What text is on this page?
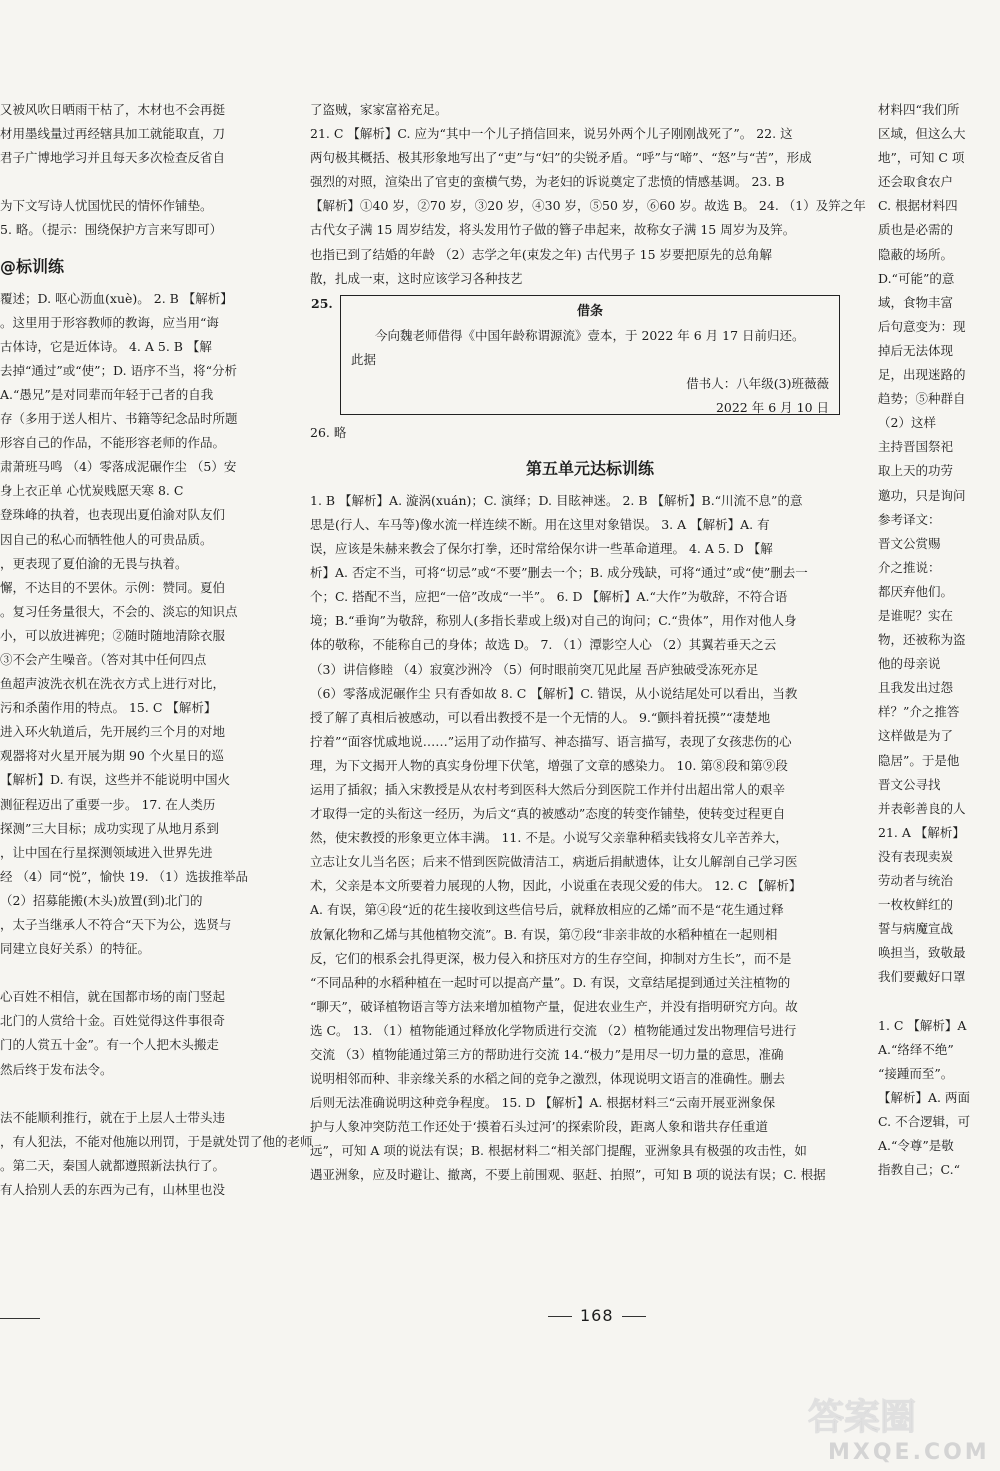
又被风吹日晒雨干枯了，木材也不会再挺

材用墨线量过再经辖具加工就能取直，刀

君子广博地学习并且每天多次检查反省自

为下文写诗人忧国忧民的情怀作铺垫。

5. 略。（提示：围绕保护方言来写即可）

@标训练

覆述；D. 呕心沥血(xuè)。 2. B 【解析】

。这里用于形容教师的教诲，应当用“诲

古体诗，它是近体诗。 4. A 5. B 【解

去掉“通过”或“使”；D. 语序不当，将“分析

A.“愚兄”是对同辈而年轻于己者的自我

存（多用于送人相片、书籍等纪念品时所题

形容自己的作品，不能形容老师的作品。

肃萧班马鸣 （4）零落成泥碾作尘 （5）安

身上衣正单 心忧炭贱愿天寒 8. C

登珠峰的执着，也表现出夏伯渝对队友们

因自己的私心而牺牲他人的可贵品质。

，更表现了夏伯渝的无畏与执着。

懈，不达目的不罢休。示例：赞同。夏伯

。复习任务量很大，不会的、淡忘的知识点

小，可以放进裤兜；②随时随地清除衣服

③不会产生噪音。（答对其中任何四点

鱼超声波洗衣机在洗衣方式上进行对比，

污和杀菌作用的特点。 15. C 【解析】

进入环火轨道后，先开展约三个月的对地

观器将对火星开展为期 90 个火星日的巡

【解析】D. 有误，这些并不能说明中国火

测征程迈出了重要一步。 17. 在人类历

探测”三大目标；成功实现了从地月系到

，让中国在行星探测领域进入世界先进

经 （4）同“悦”，愉快 19. （1）选拔推举品

（2）招募能搬(木头)放置(到)北门的

，太子当继承人不符合“天下为公，选贤与

同建立良好关系）的特征。

心百姓不相信，就在国都市场的南门竖起

北门的人赏给十金。百姓觉得这件事很奇

门的人赏五十金”。有一个人把木头搬走

然后终于发布法令。

法不能顺利推行，就在于上层人士带头违

，有人犯法，不能对他施以刑罚，于是就处罚了他的老师

。第二天，秦国人就都遵照新法执行了。

有人拾别人丢的东西为己有，山林里也没

了盗贼，家家富裕充足。

21. C 【解析】C. 应为“其中一个儿子捎信回来，说另外两个儿子刚刚战死了”。 22. 这

两句极其概括、极其形象地写出了“吏”与“妇”的尖锐矛盾。“呼”与“啼”、“怒”与“苦”，形成

强烈的对照，渲染出了官吏的蛮横气势，为老妇的诉说奠定了悲愤的情感基调。 23. B

【解析】①40 岁，②70 岁，③20 岁，④30 岁，⑤50 岁，⑥60 岁。故选 B。 24. （1）及笄之年

古代女子满 15 周岁结发，将头发用竹子做的簪子串起来，故称女子满 15 周岁为及笄。

也指已到了结婚的年龄 （2）志学之年(束发之年) 古代男子 15 岁要把原先的总角解

散，扎成一束，这时应该学习各种技艺

25.

借条

今向魏老师借得《中国年龄称谓源流》壹本，于 2022 年 6 月 17 日前归还。

此据

借书人：八年级(3)班薇薇

2022 年 6 月 10 日

26. 略

第五单元达标训练

1. B 【解析】A. 漩涡(xuán)；C. 演绎；D. 目眩神迷。 2. B 【解析】B.“川流不息”的意

思是(行人、车马等)像水流一样连续不断。用在这里对象错误。 3. A 【解析】A. 有

误，应该是朱赫来教会了保尔打拳，还时常给保尔讲一些革命道理。 4. A 5. D 【解

析】A. 否定不当，可将“切忌”或“不要”删去一个；B. 成分残缺，可将“通过”或“使”删去一

个；C. 搭配不当，应把“一倍”改成“一半”。 6. D 【解析】A.“大作”为敬辞，不符合语

境；B.“垂询”为敬辞，称别人(多指长辈或上级)对自己的询问；C.“贵体”，用作对他人身

体的敬称，不能称自己的身体；故选 D。 7. （1）潭影空人心 （2）其翼若垂天之云

（3）讲信修睦 （4）寂寞沙洲冷 （5）何时眼前突兀见此屋 吾庐独破受冻死亦足

（6）零落成泥碾作尘 只有香如故 8. C 【解析】C. 错误，从小说结尾处可以看出，当教

授了解了真相后被感动，可以看出教授不是一个无情的人。 9.“颤抖着抚摸”“凄楚地

拧着”“面容忧戚地说……”运用了动作描写、神态描写、语言描写，表现了女孩悲伤的心

理，为下文揭开人物的真实身份埋下伏笔，增强了文章的感染力。 10. 第⑧段和第⑨段

运用了插叙；插入宋教授是从农村考到医科大然后分到医院工作并付出超出常人的艰辛

才取得一定的头衔这一经历，为后文“真的被感动”态度的转变作铺垫，使转变过程更自

然，使宋教授的形象更立体丰满。 11. 不是。小说写父亲靠种稻卖钱将女儿辛苦养大，

立志让女儿当名医；后来不惜到医院做清洁工，病逝后捐献遗体，让女儿解剖自己学习医

术，父亲是本文所要着力展现的人物，因此，小说重在表现父爱的伟大。 12. C 【解析】

A. 有误，第④段“近的花生接收到这些信号后，就释放相应的乙烯”而不是“花生通过释

放氰化物和乙烯与其他植物交流”。B. 有误，第⑦段“非亲非故的水稻种植在一起则相

反，它们的根系会扎得更深，极力侵入和挤压对方的生存空间，抑制对方生长”，而不是

“不同品种的水稻种植在一起时可以提高产量”。D. 有误，文章结尾提到通过关注植物的

“聊天”，破译植物语言等方法来增加植物产量，促进农业生产，并没有指明研究方向。故

选 C。 13. （1）植物能通过释放化学物质进行交流 （2）植物能通过发出物理信号进行

交流 （3）植物能通过第三方的帮助进行交流 14.“极力”是用尽一切力量的意思，准确

说明相邻而种、非亲缘关系的水稻之间的竞争之激烈，体现说明文语言的准确性。删去

后则无法准确说明这种竞争程度。 15. D 【解析】A. 根据材料三“云南开展亚洲象保

护与人象冲突防范工作还处于‘摸着石头过河’的探索阶段，距离人象和谐共存任重道

远”，可知 A 项的说法有误；B. 根据材料二“相关部门提醒，亚洲象具有极强的攻击性，如

遇亚洲象，应及时避让、撤离，不要上前围观、驱赶、拍照”，可知 B 项的说法有误；C. 根据

材料四“我们所

区域，但这么大

地”，可知 C 项

还会取食农户

C. 根据材料四

质也是必需的

隐蔽的场所。

D.“可能”的意

域，食物丰富

后句意变为：现

掉后无法体现

足，出现迷路的

趋势；⑤种群自

（2）这样

主持晋国祭祀

取上天的功劳

邀功，只是询问

参考译文：

晋文公赏赐

介之推说：

都厌弃他们。

是谁呢？实在

物，还被称为盗

他的母亲说

且我发出过怨

样？”介之推答

这样做是为了

隐居”。于是他

晋文公寻找

并表彰善良的人

21. A 【解析】

没有表现卖炭

劳动者与统治

一枚枚鲜红的

誓与病魔宣战

唤担当，致敬最

我们要戴好口罩

1. C 【解析】A

A.“络绎不绝”

“接踵而至”。

【解析】A. 两面

C. 不合逻辑，可

A.“令尊”是敬

指教自己；C.“

168
答案圈
MXQE.COM
